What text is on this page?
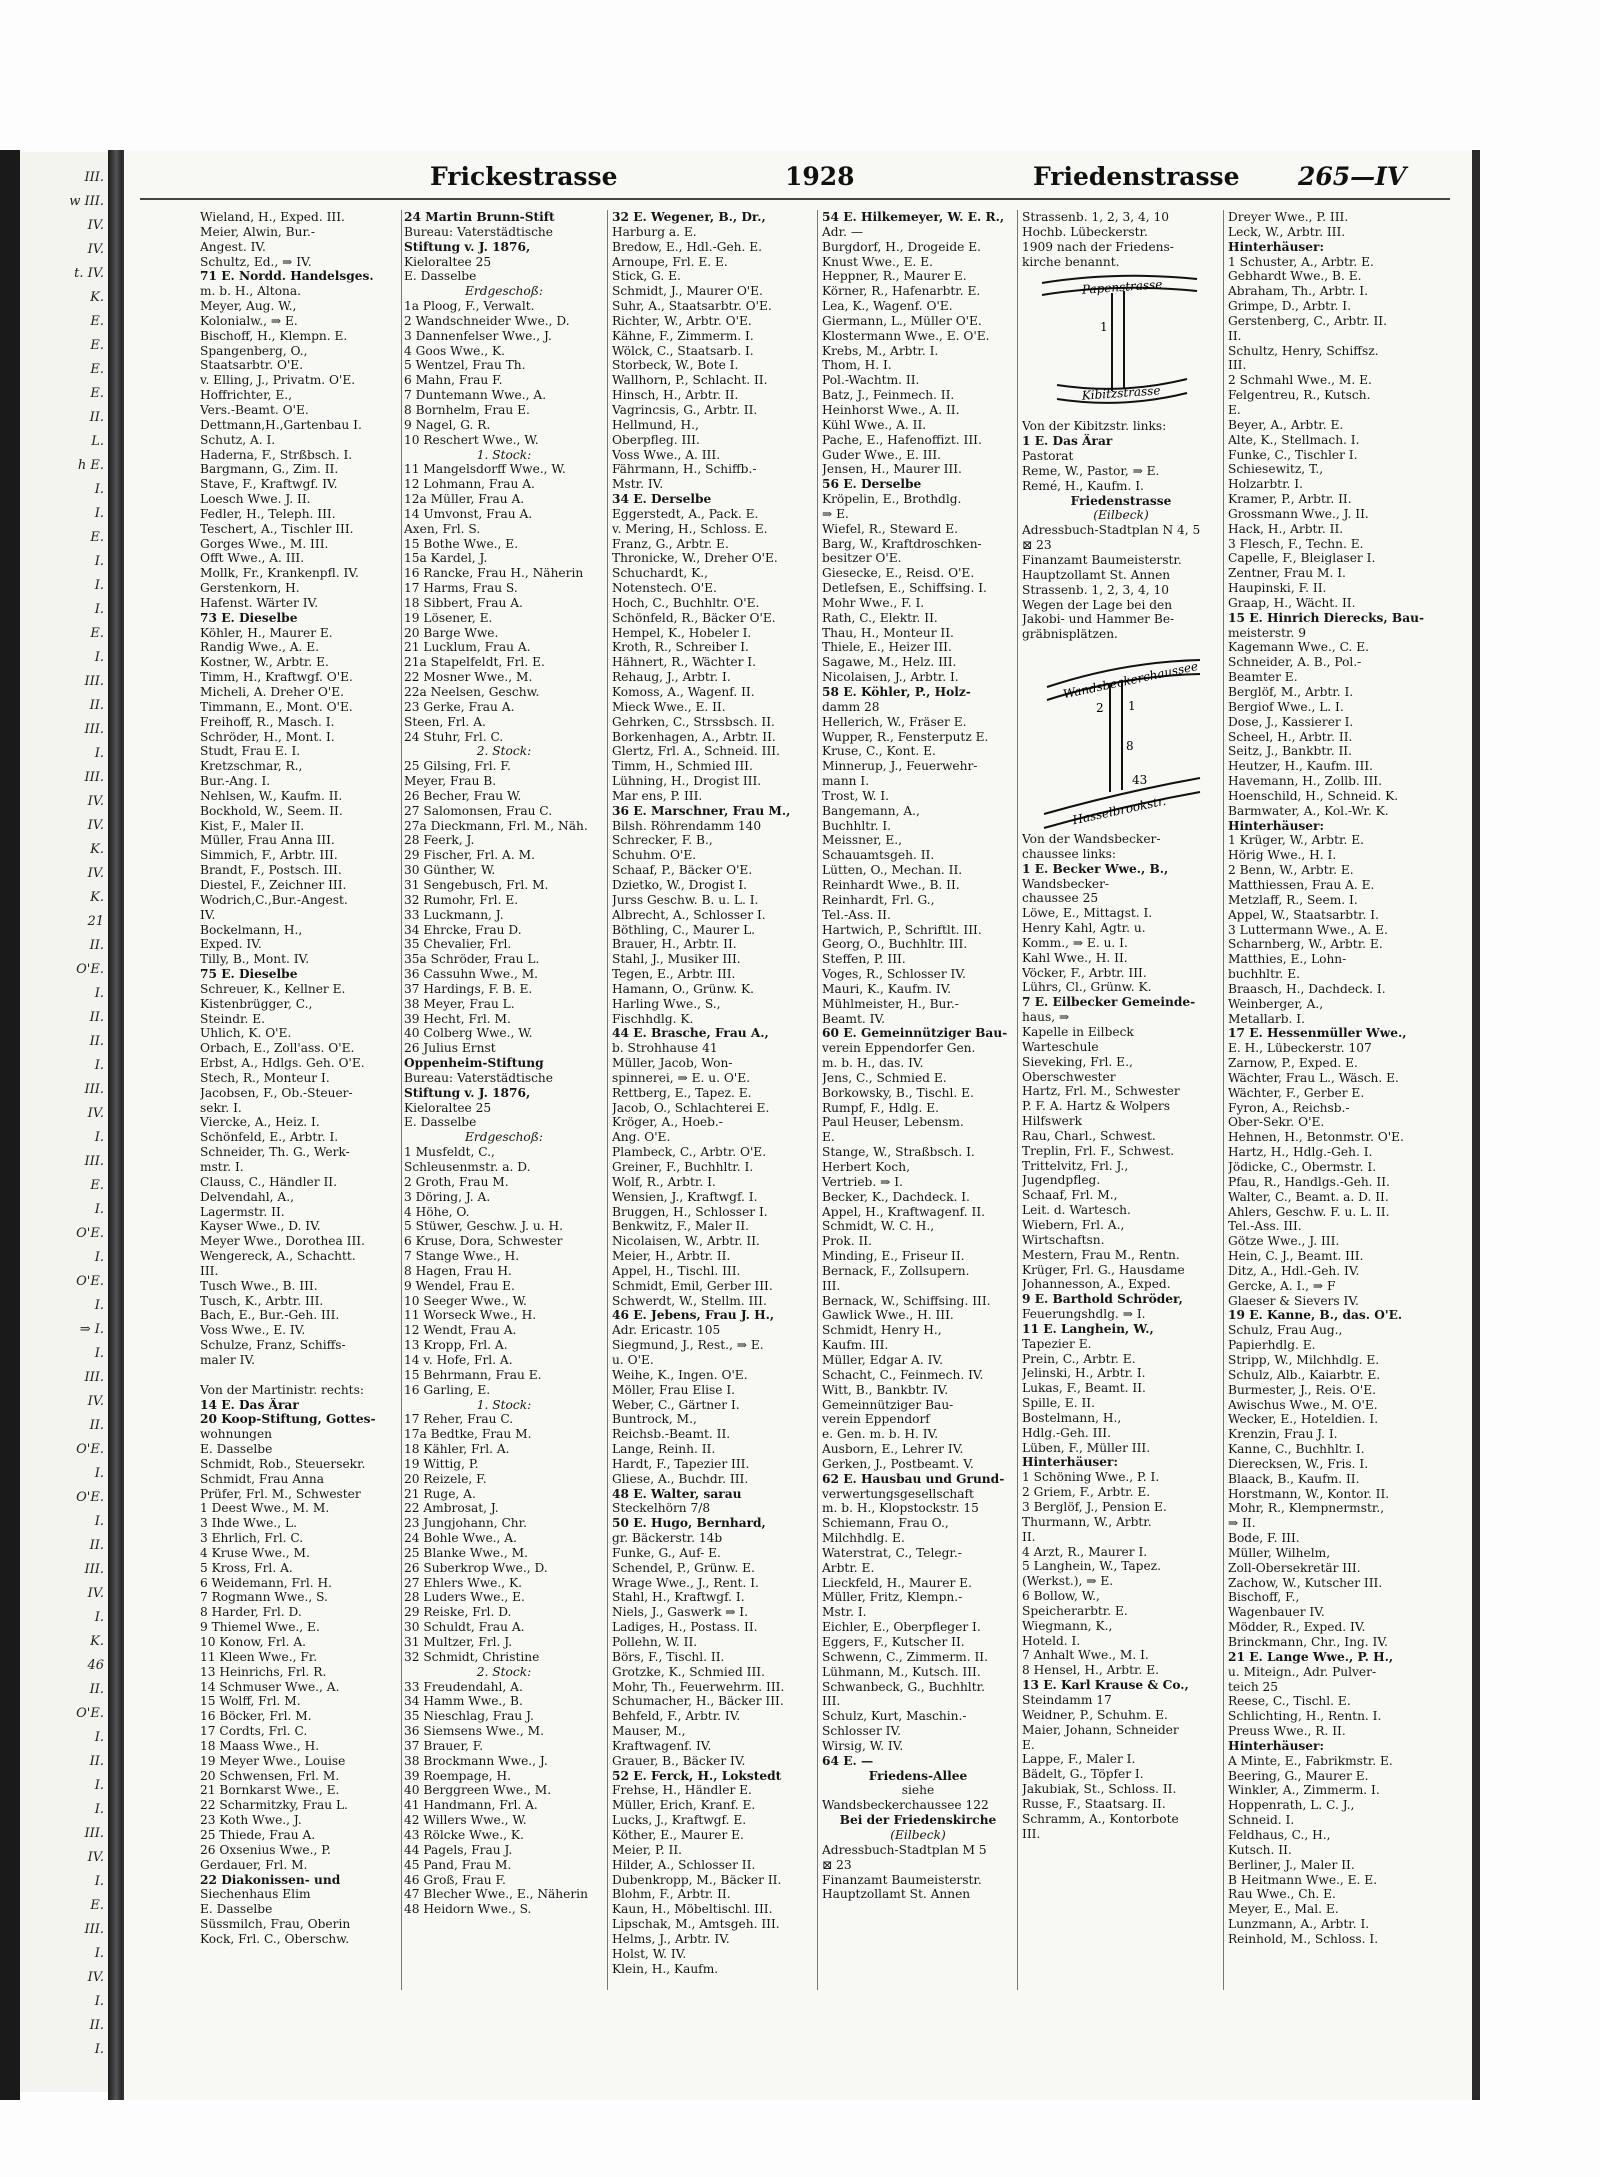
III.
w III.
IV.
IV.
t. IV.
K.
E.
E.
E.
E.
II.
L.
h E.
I.
I.
E.
I.
I.
I.
E.
I.
III.
II.
III.
I.
III.
IV.
IV.
K.
IV.
K.
21
II.
O'E.
I.
II.
II.
I.
III.
IV.
I.
III.
E.
I.
O'E.
I.
O'E.
I.
⇒ I.
I.
III.
IV.
II.
O'E.
I.
O'E.
I.
II.
III.
IV.
I.
K.
46
II.
O'E.
I.
II.
I.
I.
III.
IV.
I.
E.
III.
I.
IV.
I.
II.
I.
Frickestrasse	1928	Friedenstrasse 265—IV

Wieland, H., Exped. III.

Meier, Alwin, Bur.-

Angest. IV.

Schultz, Ed., ⇒ IV.

71 E. Nordd. Handelsges.

m. b. H., Altona.

Meyer, Aug. W.,

Kolonialw., ⇒ E.

Bischoff, H., Klempn. E.

Spangenberg, O.,

Staatsarbtr. O'E.

v. Elling, J., Privatm. O'E.

Hoffrichter, E.,

Vers.-Beamt. O'E.

Dettmann,H.,Gartenbau I.

Schutz, A. I.

Haderna, F., Strßbsch. I.

Bargmann, G., Zim. II.

Stave, F., Kraftwgf. IV.

Loesch Wwe. J. II.

Fedler, H., Teleph. III.

Teschert, A., Tischler III.

Gorges Wwe., M. III.

Offt Wwe., A. III.

Mollk, Fr., Krankenpfl. IV.

Gerstenkorn, H.

Hafenst. Wärter IV.

73 E. Dieselbe

Köhler, H., Maurer E.

Randig Wwe., A. E.

Kostner, W., Arbtr. E.

Timm, H., Kraftwgf. O'E.

Micheli, A. Dreher O'E.

Timmann, E., Mont. O'E.

Freihoff, R., Masch. I.

Schröder, H., Mont. I.

Studt, Frau E. I.

Kretzschmar, R.,

Bur.-Ang. I.

Nehlsen, W., Kaufm. II.

Bockhold, W., Seem. II.

Kist, F., Maler II.

Müller, Frau Anna III.

Simmich, F., Arbtr. III.

Brandt, F., Postsch. III.

Diestel, F., Zeichner III.

Wodrich,C.,Bur.-Angest.

IV.

Bockelmann, H.,

Exped. IV.

Tilly, B., Mont. IV.

75 E. Dieselbe

Schreuer, K., Kellner E.

Kistenbrügger, C.,

Steindr. E.

Uhlich, K. O'E.

Orbach, E., Zoll'ass. O'E.

Erbst, A., Hdlgs. Geh. O'E.

Stech, R., Monteur I.

Jacobsen, F., Ob.-Steuer-

sekr. I.

Viercke, A., Heiz. I.

Schönfeld, E., Arbtr. I.

Schneider, Th. G., Werk-

mstr. I.

Clauss, C., Händler II.

Delvendahl, A.,

Lagermstr. II.

Kayser Wwe., D. IV.

Meyer Wwe., Dorothea III.

Wengereck, A., Schachtt.

III.

Tusch Wwe., B. III.

Tusch, K., Arbtr. III.

Bach, E., Bur.-Geh. III.

Voss Wwe., E. IV.

Schulze, Franz, Schiffs-

maler IV.

Von der Martinistr. rechts:

14 E. Das Ärar

20 Koop-Stiftung, Gottes-

wohnungen

E. Dasselbe

Schmidt, Rob., Steuersekr.

Schmidt, Frau Anna

Prüfer, Frl. M., Schwester

1 Deest Wwe., M. M.

3 Ihde Wwe., L.

3 Ehrlich, Frl. C.

4 Kruse Wwe., M.

5 Kross, Frl. A.

6 Weidemann, Frl. H.

7 Rogmann Wwe., S.

8 Harder, Frl. D.

9 Thiemel Wwe., E.

10 Konow, Frl. A.

11 Kleen Wwe., Fr.

13 Heinrichs, Frl. R.

14 Schmuser Wwe., A.

15 Wolff, Frl. M.

16 Böcker, Frl. M.

17 Cordts, Frl. C.

18 Maass Wwe., H.

19 Meyer Wwe., Louise

20 Schwensen, Frl. M.

21 Bornkarst Wwe., E.

22 Scharmitzky, Frau L.

23 Koth Wwe., J.

25 Thiede, Frau A.

26 Oxsenius Wwe., P.

Gerdauer, Frl. M.

22 Diakonissen- und

Siechenhaus Elim

E. Dasselbe

Süssmilch, Frau, Oberin

Kock, Frl. C., Oberschw.

24 Martin Brunn-Stift

Bureau: Vaterstädtische

Stiftung v. J. 1876,

Kieloraltee 25

E. Dasselbe

Erdgeschoß:

1a Ploog, F., Verwalt.

2 Wandschneider Wwe., D.

3 Dannenfelser Wwe., J.

4 Goos Wwe., K.

5 Wentzel, Frau Th.

6 Mahn, Frau F.

7 Duntemann Wwe., A.

8 Bornhelm, Frau E.

9 Nagel, G. R.

10 Reschert Wwe., W.

1. Stock:

11 Mangelsdorff Wwe., W.

12 Lohmann, Frau A.

12a Müller, Frau A.

14 Umvonst, Frau A.

Axen, Frl. S.

15 Bothe Wwe., E.

15a Kardel, J.

16 Rancke, Frau H., Näherin

17 Harms, Frau S.

18 Sibbert, Frau A.

19 Lösener, E.

20 Barge Wwe.

21 Lucklum, Frau A.

21a Stapelfeldt, Frl. E.

22 Mosner Wwe., M.

22a Neelsen, Geschw.

23 Gerke, Frau A.

Steen, Frl. A.

24 Stuhr, Frl. C.

2. Stock:

25 Gilsing, Frl. F.

Meyer, Frau B.

26 Becher, Frau W.

27 Salomonsen, Frau C.

27a Dieckmann, Frl. M., Näh.

28 Feerk, J.

29 Fischer, Frl. A. M.

30 Günther, W.

31 Sengebusch, Frl. M.

32 Rumohr, Frl. E.

33 Luckmann, J.

34 Ehrcke, Frau D.

35 Chevalier, Frl.

35a Schröder, Frau L.

36 Cassuhn Wwe., M.

37 Hardings, F. B. E.

38 Meyer, Frau L.

39 Hecht, Frl. M.

40 Colberg Wwe., W.

26 Julius Ernst

Oppenheim-Stiftung

Bureau: Vaterstädtische

Stiftung v. J. 1876,

Kieloraltee 25

E. Dasselbe

Erdgeschoß:

1 Musfeldt, C.,

Schleusenmstr. a. D.

2 Groth, Frau M.

3 Döring, J. A.

4 Höhe, O.

5 Stüwer, Geschw. J. u. H.

6 Kruse, Dora, Schwester

7 Stange Wwe., H.

8 Hagen, Frau H.

9 Wendel, Frau E.

10 Seeger Wwe., W.

11 Worseck Wwe., H.

12 Wendt, Frau A.

13 Kropp, Frl. A.

14 v. Hofe, Frl. A.

15 Behrmann, Frau E.

16 Garling, E.

1. Stock:

17 Reher, Frau C.

17a Bedtke, Frau M.

18 Kähler, Frl. A.

19 Wittig, P.

20 Reizele, F.

21 Ruge, A.

22 Ambrosat, J.

23 Jungjohann, Chr.

24 Bohle Wwe., A.

25 Blanke Wwe., M.

26 Suberkrop Wwe., D.

27 Ehlers Wwe., K.

28 Luders Wwe., E.

29 Reiske, Frl. D.

30 Schuldt, Frau A.

31 Multzer, Frl. J.

32 Schmidt, Christine

2. Stock:

33 Freudendahl, A.

34 Hamm Wwe., B.

35 Nieschlag, Frau J.

36 Siemsens Wwe., M.

37 Brauer, F.

38 Brockmann Wwe., J.

39 Roempage, H.

40 Berggreen Wwe., M.

41 Handmann, Frl. A.

42 Willers Wwe., W.

43 Rölcke Wwe., K.

44 Pagels, Frau J.

45 Pand, Frau M.

46 Groß, Frau F.

47 Blecher Wwe., E., Näherin

48 Heidorn Wwe., S.

32 E. Wegener, B., Dr.,

Harburg a. E.

Bredow, E., Hdl.-Geh. E.

Arnoupe, Frl. E. E.

Stick, G. E.

Schmidt, J., Maurer O'E.

Suhr, A., Staatsarbtr. O'E.

Richter, W., Arbtr. O'E.

Kähne, F., Zimmerm. I.

Wölck, C., Staatsarb. I.

Storbeck, W., Bote I.

Wallhorn, P., Schlacht. II.

Hinsch, H., Arbtr. II.

Vagrincsis, G., Arbtr. II.

Hellmund, H.,

Oberpfleg. III.

Voss Wwe., A. III.

Fährmann, H., Schiffb.-

Mstr. IV.

34 E. Derselbe

Eggerstedt, A., Pack. E.

v. Mering, H., Schloss. E.

Franz, G., Arbtr. E.

Thronicke, W., Dreher O'E.

Schuchardt, K.,

Notenstech. O'E.

Hoch, C., Buchhltr. O'E.

Schönfeld, R., Bäcker O'E.

Hempel, K., Hobeler I.

Kroth, R., Schreiber I.

Hähnert, R., Wächter I.

Rehaug, J., Arbtr. I.

Komoss, A., Wagenf. II.

Mieck Wwe., E. II.

Gehrken, C., Strssbsch. II.

Borkenhagen, A., Arbtr. II.

Glertz, Frl. A., Schneid. III.

Timm, H., Schmied III.

Lühning, H., Drogist III.

Mar ens, P. III.

36 E. Marschner, Frau M.,

Bilsh. Röhrendamm 140

Schrecker, F. B.,

Schuhm. O'E.

Schaaf, P., Bäcker O'E.

Dzietko, W., Drogist I.

Jurss Geschw. B. u. L. I.

Albrecht, A., Schlosser I.

Böthling, C., Maurer L.

Brauer, H., Arbtr. II.

Stahl, J., Musiker III.

Tegen, E., Arbtr. III.

Hamann, O., Grünw. K.

Harling Wwe., S.,

Fischhdlg. K.

44 E. Brasche, Frau A.,

b. Strohhause 41

Müller, Jacob, Won-

spinnerei, ⇒ E. u. O'E.

Rettberg, E., Tapez. E.

Jacob, O., Schlachterei E.

Kröger, A., Hoeb.-

Ang. O'E.

Plambeck, C., Arbtr. O'E.

Greiner, F., Buchhltr. I.

Wolf, R., Arbtr. I.

Wensien, J., Kraftwgf. I.

Bruggen, H., Schlosser I.

Benkwitz, F., Maler II.

Nicolaisen, W., Arbtr. II.

Meier, H., Arbtr. II.

Appel, H., Tischl. III.

Schmidt, Emil, Gerber III.

Schwerdt, W., Stellm. III.

46 E. Jebens, Frau J. H.,

Adr. Ericastr. 105

Siegmund, J., Rest., ⇒ E.

u. O'E.

Weihe, K., Ingen. O'E.

Möller, Frau Elise I.

Weber, C., Gärtner I.

Buntrock, M.,

Reichsb.-Beamt. II.

Lange, Reinh. II.

Hardt, F., Tapezier III.

Gliese, A., Buchdr. III.

48 E. Walter, sarau

Steckelhörn 7/8

50 E. Hugo, Bernhard,

gr. Bäckerstr. 14b

Funke, G., Auf- E.

Schendel, P., Grünw. E.

Wrage Wwe., J., Rent. I.

Stahl, H., Kraftwgf. I.

Niels, J., Gaswerk ⇒ I.

Ladiges, H., Postass. II.

Pollehn, W. II.

Börs, F., Tischl. II.

Grotzke, K., Schmied III.

Mohr, Th., Feuerwehrm. III.

Schumacher, H., Bäcker III.

Behfeld, F., Arbtr. IV.

Mauser, M.,

Kraftwagenf. IV.

Grauer, B., Bäcker IV.

52 E. Ferck, H., Lokstedt

Frehse, H., Händler E.

Müller, Erich, Kranf. E.

Lucks, J., Kraftwgf. E.

Köther, E., Maurer E.

Meier, P. II.

Hilder, A., Schlosser II.

Dubenkropp, M., Bäcker II.

Blohm, F., Arbtr. II.

Kaun, H., Möbeltischl. III.

Lipschak, M., Amtsgeh. III.

Helms, J., Arbtr. IV.

Holst, W. IV.

Klein, H., Kaufm.

54 E. Hilkemeyer, W. E. R.,

Adr. —

Burgdorf, H., Drogeide E.

Knust Wwe., E. E.

Heppner, R., Maurer E.

Körner, R., Hafenarbtr. E.

Lea, K., Wagenf. O'E.

Giermann, L., Müller O'E.

Klostermann Wwe., E. O'E.

Krebs, M., Arbtr. I.

Thom, H. I.

Pol.-Wachtm. II.

Batz, J., Feinmech. II.

Heinhorst Wwe., A. II.

Kühl Wwe., A. II.

Pache, E., Hafenoffizt. III.

Guder Wwe., E. III.

Jensen, H., Maurer III.

56 E. Derselbe

Kröpelin, E., Brothdlg.

⇒ E.

Wiefel, R., Steward E.

Barg, W., Kraftdroschken-

besitzer O'E.

Giesecke, E., Reisd. O'E.

Detlefsen, E., Schiffsing. I.

Mohr Wwe., F. I.

Rath, C., Elektr. II.

Thau, H., Monteur II.

Thiele, E., Heizer III.

Sagawe, M., Helz. III.

Nicolaisen, J., Arbtr. I.

58 E. Köhler, P., Holz-

damm 28

Hellerich, W., Fräser E.

Wupper, R., Fensterputz E.

Kruse, C., Kont. E.

Minnerup, J., Feuerwehr-

mann I.

Trost, W. I.

Bangemann, A.,

Buchhltr. I.

Meissner, E.,

Schauamtsgeh. II.

Lütten, O., Mechan. II.

Reinhardt Wwe., B. II.

Reinhardt, Frl. G.,

Tel.-Ass. II.

Hartwich, P., Schriftlt. III.

Georg, O., Buchhltr. III.

Steffen, P. III.

Voges, R., Schlosser IV.

Mauri, K., Kaufm. IV.

Mühlmeister, H., Bur.-

Beamt. IV.

60 E. Gemeinnütziger Bau-

verein Eppendorfer Gen.

m. b. H., das. IV.

Jens, C., Schmied E.

Borkowsky, B., Tischl. E.

Rumpf, F., Hdlg. E.

Paul Heuser, Lebensm.

E.

Stange, W., Straßbsch. I.

Herbert Koch,

Vertrieb. ⇒ I.

Becker, K., Dachdeck. I.

Appel, H., Kraftwagenf. II.

Schmidt, W. C. H.,

Prok. II.

Minding, E., Friseur II.

Bernack, F., Zollsupern.

III.

Bernack, W., Schiffsing. III.

Gawlick Wwe., H. III.

Schmidt, Henry H.,

Kaufm. III.

Müller, Edgar A. IV.

Schacht, C., Feinmech. IV.

Witt, B., Bankbtr. IV.

Gemeinnütziger Bau-

verein Eppendorf

e. Gen. m. b. H. IV.

Ausborn, E., Lehrer IV.

Gerken, J., Postbeamt. V.

62 E. Hausbau und Grund-

verwertungsgesellschaft

m. b. H., Klopstockstr. 15

Schiemann, Frau O.,

Milchhdlg. E.

Waterstrat, C., Telegr.-

Arbtr. E.

Lieckfeld, H., Maurer E.

Müller, Fritz, Klempn.-

Mstr. I.

Eichler, E., Oberpfleger I.

Eggers, F., Kutscher II.

Schwenn, C., Zimmerm. II.

Lühmann, M., Kutsch. III.

Schwanbeck, G., Buchhltr.

III.

Schulz, Kurt, Maschin.-

Schlosser IV.

Wirsig, W. IV.

64 E. —

Friedens-Allee

siehe

Wandsbeckerchaussee 122

Bei der Friedenskirche

(Eilbeck)

Adressbuch-Stadtplan M 5

⊠ 23

Finanzamt Baumeisterstr.

Hauptzollamt St. Annen

Strassenb. 1, 2, 3, 4, 10

Hochb. Lübeckerstr.

1909 nach der Friedens-

kirche benannt.

Papenstrasse
Kibitzstrasse
1

Von der Kibitzstr. links:

1 E. Das Ärar

Pastorat

Reme, W., Pastor, ⇒ E.

Remé, H., Kaufm. I.

Friedenstrasse

(Eilbeck)

Adressbuch-Stadtplan N 4, 5

⊠ 23

Finanzamt Baumeisterstr.

Hauptzollamt St. Annen

Strassenb. 1, 2, 3, 4, 10

Wegen der Lage bei den

Jakobi- und Hammer Be-

gräbnisplätzen.

Wandsbeckerchaussee
Hasselbrookstr.
2 1
8
43

Von der Wandsbecker-

chaussee links:

1 E. Becker Wwe., B.,

Wandsbecker-

chaussee 25

Löwe, E., Mittagst. I.

Henry Kahl, Agtr. u.

Komm., ⇒ E. u. I.

Kahl Wwe., H. II.

Vöcker, F., Arbtr. III.

Lührs, Cl., Grünw. K.

7 E. Eilbecker Gemeinde-

haus, ⇒

Kapelle in Eilbeck

Warteschule

Sieveking, Frl. E.,

Oberschwester

Hartz, Frl. M., Schwester

P. F. A. Hartz & Wolpers

Hilfswerk

Rau, Charl., Schwest.

Treplin, Frl. F., Schwest.

Trittelvitz, Frl. J.,

Jugendpfleg.

Schaaf, Frl. M.,

Leit. d. Wartesch.

Wiebern, Frl. A.,

Wirtschaftsn.

Mestern, Frau M., Rentn.

Krüger, Frl. G., Hausdame

Johannesson, A., Exped.

9 E. Barthold Schröder,

Feuerungshdlg. ⇒ I.

11 E. Langhein, W.,

Tapezier E.

Prein, C., Arbtr. E.

Jelinski, H., Arbtr. I.

Lukas, F., Beamt. II.

Spille, E. II.

Bostelmann, H.,

Hdlg.-Geh. III.

Lüben, F., Müller III.

Hinterhäuser:

1 Schöning Wwe., P. I.

2 Griem, F., Arbtr. E.

3 Berglöf, J., Pension E.

Thurmann, W., Arbtr.

II.

4 Arzt, R., Maurer I.

5 Langhein, W., Tapez.

(Werkst.), ⇒ E.

6 Bollow, W.,

Speicherarbtr. E.

Wiegmann, K.,

Hoteld. I.

7 Anhalt Wwe., M. I.

8 Hensel, H., Arbtr. E.

13 E. Karl Krause & Co.,

Steindamm 17

Weidner, P., Schuhm. E.

Maier, Johann, Schneider

E.

Lappe, F., Maler I.

Bädelt, G., Töpfer I.

Jakubiak, St., Schloss. II.

Russe, F., Staatsarg. II.

Schramm, A., Kontorbote

III.

Dreyer Wwe., P. III.

Leck, W., Arbtr. III.

Hinterhäuser:

1 Schuster, A., Arbtr. E.

Gebhardt Wwe., B. E.

Abraham, Th., Arbtr. I.

Grimpe, D., Arbtr. I.

Gerstenberg, C., Arbtr. II.

II.

Schultz, Henry, Schiffsz.

III.

2 Schmahl Wwe., M. E.

Felgentreu, R., Kutsch.

E.

Beyer, A., Arbtr. E.

Alte, K., Stellmach. I.

Funke, C., Tischler I.

Schiesewitz, T.,

Holzarbtr. I.

Kramer, P., Arbtr. II.

Grossmann Wwe., J. II.

Hack, H., Arbtr. II.

3 Flesch, F., Techn. E.

Capelle, F., Bleiglaser I.

Zentner, Frau M. I.

Haupinski, F. II.

Graap, H., Wächt. II.

15 E. Hinrich Dierecks, Bau-

meisterstr. 9

Kagemann Wwe., C. E.

Schneider, A. B., Pol.-

Beamter E.

Berglöf, M., Arbtr. I.

Bergiof Wwe., L. I.

Dose, J., Kassierer I.

Scheel, H., Arbtr. II.

Seitz, J., Bankbtr. II.

Heutzer, H., Kaufm. III.

Havemann, H., Zollb. III.

Hoenschild, H., Schneid. K.

Barmwater, A., Kol.-Wr. K.

Hinterhäuser:

1 Krüger, W., Arbtr. E.

Hörig Wwe., H. I.

2 Benn, W., Arbtr. E.

Matthiessen, Frau A. E.

Metzlaff, R., Seem. I.

Appel, W., Staatsarbtr. I.

3 Luttermann Wwe., A. E.

Scharnberg, W., Arbtr. E.

Matthies, E., Lohn-

buchhltr. E.

Braasch, H., Dachdeck. I.

Weinberger, A.,

Metallarb. I.

17 E. Hessenmüller Wwe.,

E. H., Lübeckerstr. 107

Zarnow, P., Exped. E.

Wächter, Frau L., Wäsch. E.

Wächter, F., Gerber E.

Fyron, A., Reichsb.-

Ober-Sekr. O'E.

Hehnen, H., Betonmstr. O'E.

Hartz, H., Hdlg.-Geh. I.

Jödicke, C., Obermstr. I.

Pfau, R., Handlgs.-Geh. II.

Walter, C., Beamt. a. D. II.

Ahlers, Geschw. F. u. L. II.

Tel.-Ass. III.

Götze Wwe., J. III.

Hein, C. J., Beamt. III.

Ditz, A., Hdl.-Geh. IV.

Gercke, A. I., ⇒ F

Glaeser & Sievers IV.

19 E. Kanne, B., das. O'E.

Schulz, Frau Aug.,

Papierhdlg. E.

Stripp, W., Milchhdlg. E.

Schulz, Alb., Kaiarbtr. E.

Burmester, J., Reis. O'E.

Awischus Wwe., M. O'E.

Wecker, E., Hoteldien. I.

Krenzin, Frau J. I.

Kanne, C., Buchhltr. I.

Dierecksen, W., Fris. I.

Blaack, B., Kaufm. II.

Horstmann, W., Kontor. II.

Mohr, R., Klempnermstr.,

⇒ II.

Bode, F. III.

Müller, Wilhelm,

Zoll-Obersekretär III.

Zachow, W., Kutscher III.

Bischoff, F.,

Wagenbauer IV.

Mödder, R., Exped. IV.

Brinckmann, Chr., Ing. IV.

21 E. Lange Wwe., P. H.,

u. Miteign., Adr. Pulver-

teich 25

Reese, C., Tischl. E.

Schlichting, H., Rentn. I.

Preuss Wwe., R. II.

Hinterhäuser:

A Minte, E., Fabrikmstr. E.

Beering, G., Maurer E.

Winkler, A., Zimmerm. I.

Hoppenrath, L. C. J.,

Schneid. I.

Feldhaus, C., H.,

Kutsch. II.

Berliner, J., Maler II.

B Heitmann Wwe., E. E.

Rau Wwe., Ch. E.

Meyer, E., Mal. E.

Lunzmann, A., Arbtr. I.

Reinhold, M., Schloss. I.
